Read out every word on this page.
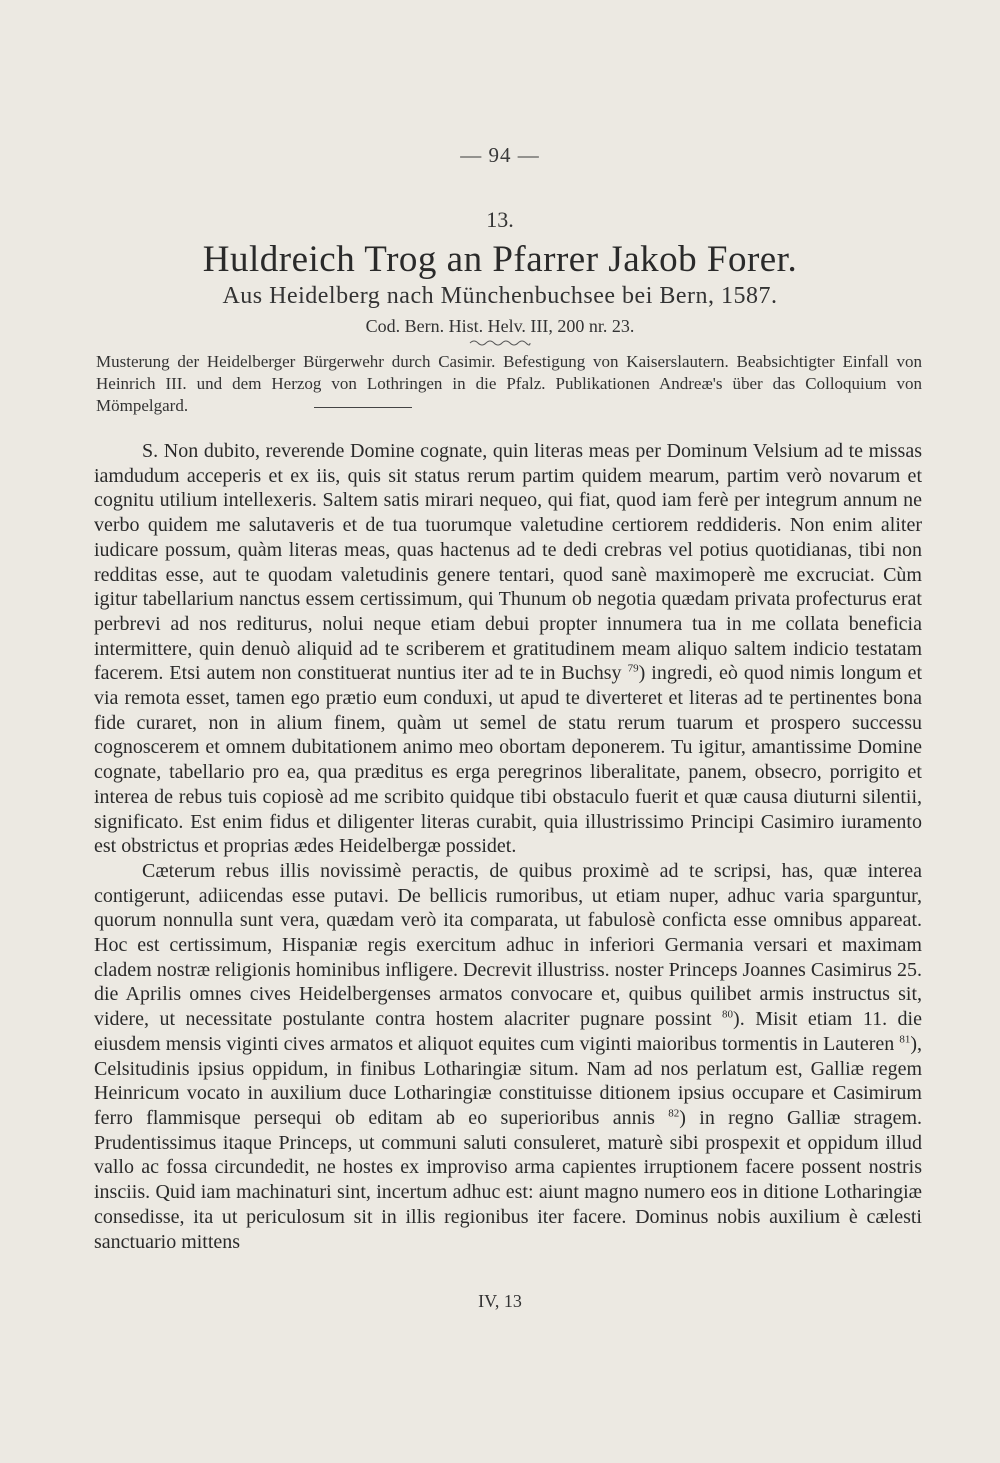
— 94 —
13.
Huldreich Trog an Pfarrer Jakob Forer.
Aus Heidelberg nach Münchenbuchsee bei Bern, 1587.
Cod. Bern. Hist. Helv. III, 200 nr. 23.
Musterung der Heidelberger Bürgerwehr durch Casimir. Befestigung von Kaiserslautern. Beabsichtigter Einfall von Heinrich III. und dem Herzog von Lothringen in die Pfalz. Publikationen Andreæ's über das Colloquium von Mömpelgard.

S. Non dubito, reverende Domine cognate, quin literas meas per Dominum Velsium ad te missas iamdudum acceperis et ex iis, quis sit status rerum partim quidem mearum, partim verò novarum et cognitu utilium intellexeris. Saltem satis mirari nequeo, qui fiat, quod iam ferè per integrum annum ne verbo quidem me salutaveris et de tua tuorumque valetudine certiorem reddideris. Non enim aliter iudicare possum, quàm literas meas, quas hactenus ad te dedi crebras vel potius quotidianas, tibi non redditas esse, aut te quodam valetudinis genere tentari, quod sanè maximoperè me excruciat. Cùm igitur tabellarium nanctus essem certissimum, qui Thunum ob negotia quædam privata profecturus erat perbrevi ad nos rediturus, nolui neque etiam debui propter innumera tua in me collata beneficia intermittere, quin denuò aliquid ad te scriberem et gratitudinem meam aliquo saltem indicio testatam facerem. Etsi autem non constituerat nuntius iter ad te in Buchsy $^{79}$) ingredi, eò quod nimis longum et via remota esset, tamen ego prætio eum conduxi, ut apud te diverteret et literas ad te pertinentes bona fide curaret, non in alium finem, quàm ut semel de statu rerum tuarum et prospero successu cognoscerem et omnem dubitationem animo meo obortam deponerem. Tu igitur, amantissime Domine cognate, tabellario pro ea, qua præditus es erga peregrinos liberalitate, panem, obsecro, porrigito et interea de rebus tuis copiosè ad me scribito quidque tibi obstaculo fuerit et quæ causa diuturni silentii, significato. Est enim fidus et diligenter literas curabit, quia illustrissimo Principi Casimiro iuramento est obstrictus et proprias ædes Heidelbergæ possidet.

Cæterum rebus illis novissimè peractis, de quibus proximè ad te scripsi, has, quæ interea contigerunt, adiicendas esse putavi. De bellicis rumoribus, ut etiam nuper, adhuc varia sparguntur, quorum nonnulla sunt vera, quædam verò ita comparata, ut fabulosè conficta esse omnibus appareat. Hoc est certissimum, Hispaniæ regis exercitum adhuc in inferiori Germania versari et maximam cladem nostræ religionis hominibus infligere. Decrevit illustriss. noster Princeps Joannes Casimirus 25. die Aprilis omnes cives Heidelbergenses armatos convocare et, quibus quilibet armis instructus sit, videre, ut necessitate postulante contra hostem alacriter pugnare possint $^{80}$). Misit etiam 11. die eiusdem mensis viginti cives armatos et aliquot equites cum viginti maioribus tormentis in Lauteren $^{81}$), Celsitudinis ipsius oppidum, in finibus Lotharingiæ situm. Nam ad nos perlatum est, Galliæ regem Heinricum vocato in auxilium duce Lotharingiæ constituisse ditionem ipsius occupare et Casimirum ferro flammisque persequi ob editam ab eo superioribus annis $^{82}$) in regno Galliæ stragem. Prudentissimus itaque Princeps, ut communi saluti consuleret, maturè sibi prospexit et oppidum illud vallo ac fossa circundedit, ne hostes ex improviso arma capientes irruptionem facere possent nostris insciis. Quid iam machinaturi sint, incertum adhuc est: aiunt magno numero eos in ditione Lotharingiæ consedisse, ita ut periculosum sit in illis regionibus iter facere. Dominus nobis auxilium è cælesti sanctuario mittens

IV, 13
